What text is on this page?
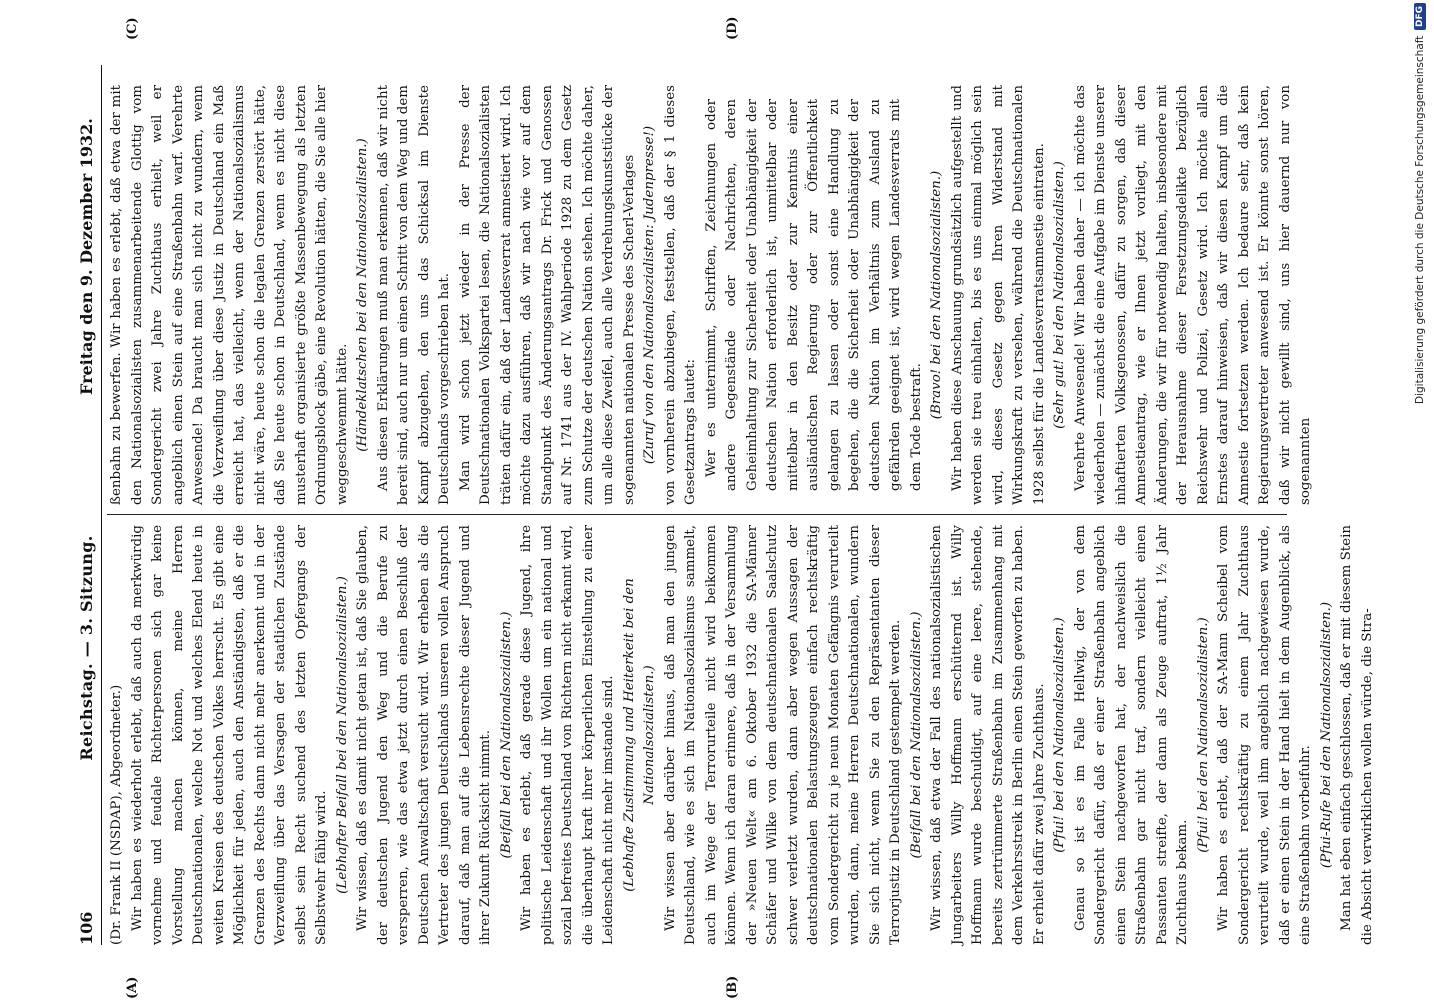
106
Reichstag. — 3. Sitzung.
Freitag den 9. Dezember 1932.
(A)	(B)
(C)	(D)

(Dr. Frank II (NSDAP), Abgeordneter.) Wir haben es wiederholt erlebt, daß auch da merkwürdig vornehme und feudale Richterpersonen sich gar keine Vorstellung machen können, meine Herren Deutschnationalen, welche Not und welches Elend heute in weiten Kreisen des deutschen Volkes herrscht. Es gibt eine Möglichkeit für jeden, auch den Anständigsten, daß er die Grenzen des Rechts dann nicht mehr anerkennt und in der Verzweiflung über das Versagen der staatlichen Zustände selbst sein Recht suchend des letzten Opfergangs der Selbstwehr fähig wird. (Lebhafter Beifall bei den Nationalsozialisten.) Wir wissen, daß es damit nicht getan ist, daß Sie glauben, der deutschen Jugend den Weg und die Berufe zu versperren, wie das etwa jetzt durch einen Beschluß der Deutschen Anwaltschaft versucht wird. Wir erheben als die Vertreter des jungen Deutschlands unseren vollen Anspruch darauf, daß man auf die Lebensrechte dieser Jugend und ihrer Zukunft Rücksicht nimmt. (Beifall bei den Nationalsozialisten.) Wir haben es erlebt, daß gerade diese Jugend, ihre politische Leidenschaft und ihr Wollen um ein national und sozial befreites Deutschland von Richtern nicht erkannt wird, die überhaupt kraft ihrer körperlichen Einstellung zu einer Leidenschaft nicht mehr imstande sind. (Lebhafte Zustimmung und Heiterkeit bei den Nationalsozialisten.) Wir wissen aber darüber hinaus, daß man den jungen Deutschland, wie es sich im Nationalsozialismus sammelt, auch im Wege der Terrorurteile nicht wird beikommen können. Wenn ich daran erinnere, daß in der Versammlung der »Neuen Welt« am 6. Oktober 1932 die SA-Männer Schäfer und Wilke von dem deutschnationalen Saalschutz schwer verletzt wurden, dann aber wegen Aussagen der deutschnationalen Belastungszeugen einfach rechtskräftig vom Sondergericht zu je neun Monaten Gefängnis verurteilt wurden, dann, meine Herren Deutschnationalen, wundern Sie sich nicht, wenn Sie zu den Repräsentanten dieser Terrorjustiz in Deutschland gestempelt werden. (Beifall bei den Nationalsozialisten.) Wir wissen, daß etwa der Fall des nationalsozialistischen Jungarbeiters Willy Hoffmann erschütternd ist. Willy Hoffmann wurde beschuldigt, auf eine leere, stehende, bereits zertrümmerte Straßenbahn im Zusammenhang mit dem Verkehrsstreik in Berlin einen Stein geworfen zu haben. Er erhielt dafür zwei Jahre Zuchthaus. (Pfui! bei den Nationalsozialisten.) Genau so ist es im Falle Hellwig, der von dem Sondergericht dafür, daß er einer Straßenbahn angeblich einen Stein nachgeworfen hat, der nachweislich die Straßenbahn gar nicht traf, sondern vielleicht einen Passanten streifte, der dann als Zeuge auftrat, 1½ Jahr Zuchthaus bekam.

(Pfui! bei den Nationalsozialisten.) Wir haben es erlebt, daß der SA-Mann Scheibel vom Sondergericht rechtskräftig zu einem Jahr Zuchthaus verurteilt wurde, weil ihm angeblich nachgewiesen wurde, daß er einen Stein in der Hand hielt in dem Augenblick, als eine Straßenbahn vorbeifuhr. (Pfui-Rufe bei den Nationalsozialisten.) Man hat eben einfach geschlossen, daß er mit diesem Stein die Absicht verwirklichen wollen würde, die Stra-

ßenbahn zu bewerfen. Wir haben es erlebt, daß etwa der mit den Nationalsozialisten zusammenarbeitende Glottig vom Sondergericht zwei Jahre Zuchthaus erhielt, weil er angeblich einen Stein auf eine Straßenbahn warf. Verehrte Anwesende! Da braucht man sich nicht zu wundern, wenn die Verzweiflung über diese Justiz in Deutschland ein Maß erreicht hat, das vielleicht, wenn der Nationalsozialismus nicht wäre, heute schon die legalen Grenzen zerstört hätte, daß Sie heute schon in Deutschland, wenn es nicht diese musterhaft organisierte größte Massenbewegung als letzten Ordnungsblock gäbe, eine Revolution hätten, die Sie alle hier weggeschwemmt hätte. (Händeklatschen bei den Nationalsozialisten.) Aus diesen Erklärungen muß man erkennen, daß wir nicht bereit sind, auch nur um einen Schritt von dem Weg und dem Kampf abzugehen, den uns das Schicksal im Dienste Deutschlands vorgeschrieben hat. Man wird schon jetzt wieder in der Presse der Deutschnationalen Volkspartei lesen, die Nationalsozialisten träten dafür ein, daß der Landesverrat amnestiert wird. Ich möchte dazu ausführen, daß wir nach wie vor auf dem Standpunkt des Änderungsantrags Dr. Frick und Genossen auf Nr. 1741 aus der IV. Wahlperiode 1928 zu dem Gesetz zum Schutze der deutschen Nation stehen. Ich möchte daher, um alle diese Zweifel, auch alle Verdrehungskunststücke der sogenannten nationalen Presse des Scherl-Verlages (Zuruf von den Nationalsozialisten: Judenpresse!) von vornherein abzubiegen, feststellen, daß der § 1 dieses Gesetzantrags lautet: Wer es unternimmt, Schriften, Zeichnungen oder andere Gegenstände oder Nachrichten, deren Geheimhaltung zur Sicherheit oder Unabhängigkeit der deutschen Nation erforderlich ist, unmittelbar oder mittelbar in den Besitz oder zur Kenntnis einer ausländischen Regierung oder zur Öffentlichkeit gelangen zu lassen oder sonst eine Handlung zu begehen, die die Sicherheit oder Unabhängigkeit der deutschen Nation im Verhältnis zum Ausland zu gefährden geeignet ist, wird wegen Landesverrats mit dem Tode bestraft.

(Bravo! bei den Nationalsozialisten.) Wir haben diese Anschauung grundsätzlich aufgestellt und werden sie treu einhalten, bis es uns einmal möglich sein wird, dieses Gesetz gegen Ihren Widerstand mit Wirkungskraft zu versehen, während die Deutschnationalen 1928 selbst für die Landesverratsamnestie eintraten. (Sehr gut! bei den Nationalsozialisten.) Verehrte Anwesende! Wir haben daher — ich möchte das wiederholen — zunächst die eine Aufgabe im Dienste unserer inhaftierten Volksgenossen, dafür zu sorgen, daß dieser Amnestieantrag, wie er Ihnen jetzt vorliegt, mit den Änderungen, die wir für notwendig halten, insbesondere mit der Herausnahme dieser Fersetzungsdelikte bezüglich Reichswehr und Polizei, Gesetz wird. Ich möchte allen Ernstes darauf hinweisen, daß wir diesen Kampf um die Amnestie fortsetzen werden. Ich bedaure sehr, daß kein Regierungsvertreter anwesend ist. Er könnte sonst hören, daß wir nicht gewillt sind, uns hier dauernd nur von sogenannten

Digitalisierung gefördert durch die Deutsche Forschungsgemeinschaft
DFG
